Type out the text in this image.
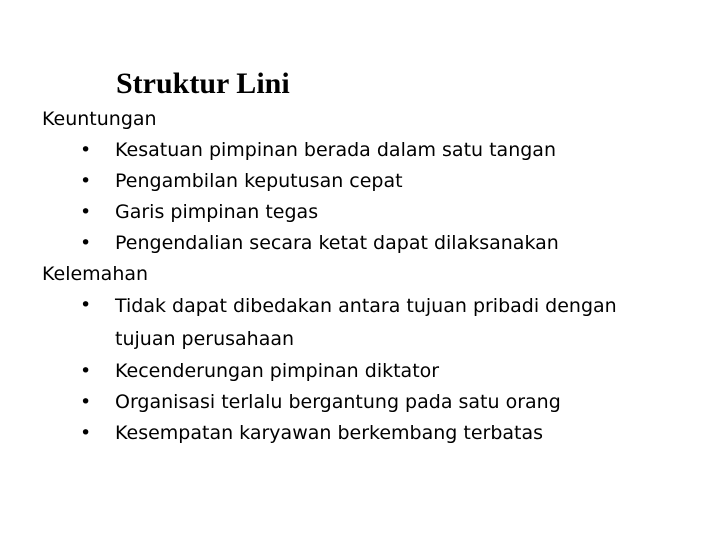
Struktur Lini

Keuntungan

• Kesatuan pimpinan berada dalam satu tangan
• Pengambilan keputusan cepat
• Garis pimpinan tegas
• Pengendalian secara ketat dapat dilaksanakan

Kelemahan

• Tidak dapat dibedakan antara tujuan pribadi dengan tujuan perusahaan
• Kecenderungan pimpinan diktator
• Organisasi terlalu bergantung pada satu orang
• Kesempatan karyawan berkembang terbatas
